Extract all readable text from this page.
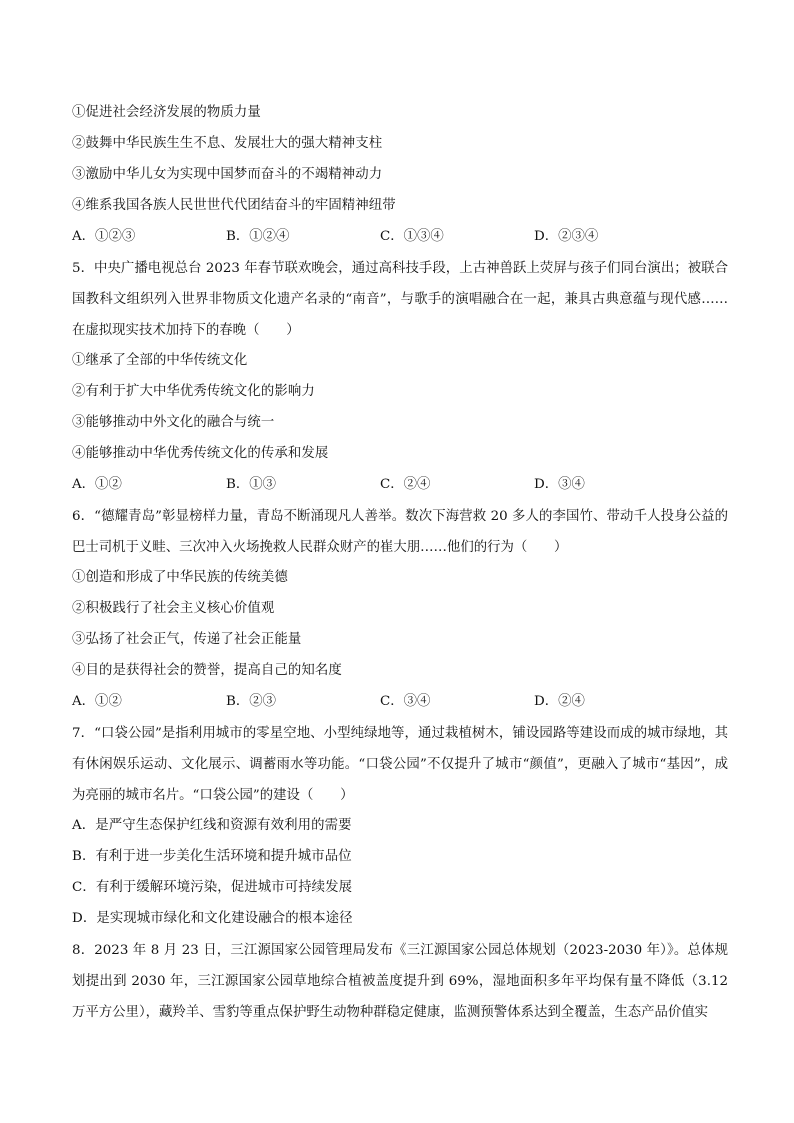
①促进社会经济发展的物质力量
②鼓舞中华民族生生不息、发展壮大的强大精神支柱
③激励中华儿女为实现中国梦而奋斗的不竭精神动力
④维系我国各族人民世世代代团结奋斗的牢固精神纽带
A．①②③	B．①②④	C．①③④	D．②③④
5．中央广播电视总台 2023 年春节联欢晚会，通过高科技手段，上古神兽跃上荧屏与孩子们同台演出；被联合国教科文组织列入世界非物质文化遗产名录的“南音”，与歌手的演唱融合在一起，兼具古典意蕴与现代感……在虚拟现实技术加持下的春晚（　　）
①继承了全部的中华传统文化
②有利于扩大中华优秀传统文化的影响力
③能够推动中外文化的融合与统一
④能够推动中华优秀传统文化的传承和发展
A．①②	B．①③	C．②④	D．③④
6．“德耀青岛”彰显榜样力量，青岛不断涌现凡人善举。数次下海营救 20 多人的李国竹、带动千人投身公益的巴士司机于义畦、三次冲入火场挽救人民群众财产的崔大朋……他们的行为（　　）
①创造和形成了中华民族的传统美德
②积极践行了社会主义核心价值观
③弘扬了社会正气，传递了社会正能量
④目的是获得社会的赞誉，提高自己的知名度
A．①②	B．②③	C．③④	D．②④
7．“口袋公园”是指利用城市的零星空地、小型纯绿地等，通过栽植树木，铺设园路等建设而成的城市绿地，其有休闲娱乐运动、文化展示、调蓄雨水等功能。“口袋公园”不仅提升了城市“颜值”，更融入了城市“基因”，成为亮丽的城市名片。“口袋公园”的建设（　　）
A．是严守生态保护红线和资源有效利用的需要
B．有利于进一步美化生活环境和提升城市品位
C．有利于缓解环境污染，促进城市可持续发展
D．是实现城市绿化和文化建设融合的根本途径
8．2023 年 8 月 23 日，三江源国家公园管理局发布《三江源国家公园总体规划（2023-2030 年）》。总体规划提出到 2030 年，三江源国家公园草地综合植被盖度提升到 69%，湿地面积多年平均保有量不降低（3.12 万平方公里），藏羚羊、雪豹等重点保护野生动物种群稳定健康，监测预警体系达到全覆盖，生态产品价值实
